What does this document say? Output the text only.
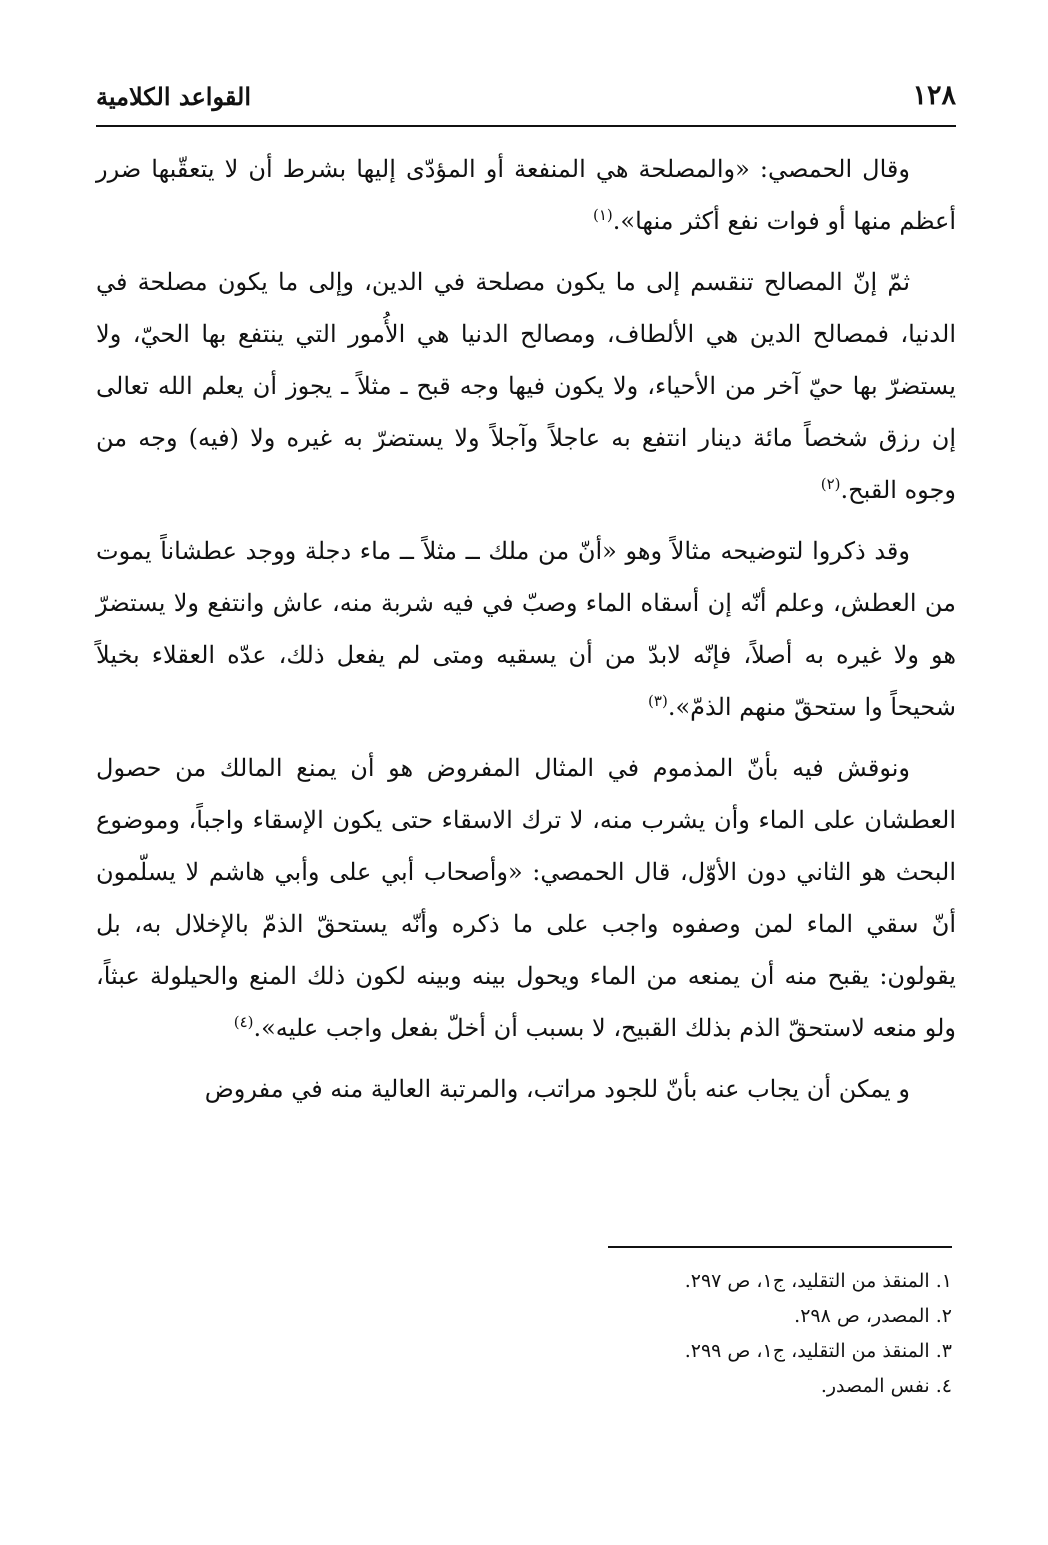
١٢٨
القواعد الكلامية

وقال الحمصي: «والمصلحة هي المنفعة أو المؤدّى إليها بشرط أن لا يتعقّبها ضرر أعظم منها أو فوات نفع أكثر منها».$^{(١)}$

ثمّ إنّ المصالح تنقسم إلى ما يكون مصلحة في الدين، وإلى ما يكون مصلحة في الدنيا، فمصالح الدين هي الألطاف، ومصالح الدنيا هي الأُمور التي ينتفع بها الحيّ، ولا يستضرّ بها حيّ آخر من الأحياء، ولا يكون فيها وجه قبح ـ مثلاً ـ يجوز أن يعلم الله تعالى إن رزق شخصاً مائة دينار انتفع به عاجلاً وآجلاً ولا يستضرّ به غيره ولا (فيه) وجه من وجوه القبح.$^{(٢)}$

وقد ذكروا لتوضيحه مثالاً وهو «أنّ من ملك ــ مثلاً ــ ماء دجلة ووجد عطشاناً يموت من العطش، وعلم أنّه إن أسقاه الماء وصبّ في فيه شربة منه، عاش وانتفع ولا يستضرّ هو ولا غيره به أصلاً، فإنّه لابدّ من أن يسقيه ومتى لم يفعل ذلك، عدّه العقلاء بخيلاً شحيحاً وا ستحقّ منهم الذمّ».$^{(٣)}$

ونوقش فيه بأنّ المذموم في المثال المفروض هو أن يمنع المالك من حصول العطشان على الماء وأن يشرب منه، لا ترك الاسقاء حتى يكون الإسقاء واجباً، وموضوع البحث هو الثاني دون الأوّل، قال الحمصي: «وأصحاب أبي على وأبي هاشم لا يسلّمون أنّ سقي الماء لمن وصفوه واجب على ما ذكره وأنّه يستحقّ الذمّ بالإخلال به، بل يقولون: يقبح منه أن يمنعه من الماء ويحول بينه وبينه لكون ذلك المنع والحيلولة عبثاً، ولو منعه لاستحقّ الذم بذلك القبيح، لا بسبب أن أخلّ بفعل واجب عليه».$^{(٤)}$

و يمكن أن يجاب عنه بأنّ للجود مراتب، والمرتبة العالية منه في مفروض

١. المنقذ من التقليد، ج١، ص ٢٩٧.
٢. المصدر، ص ٢٩٨.
٣. المنقذ من التقليد، ج١، ص ٢٩٩.
٤. نفس المصدر.
